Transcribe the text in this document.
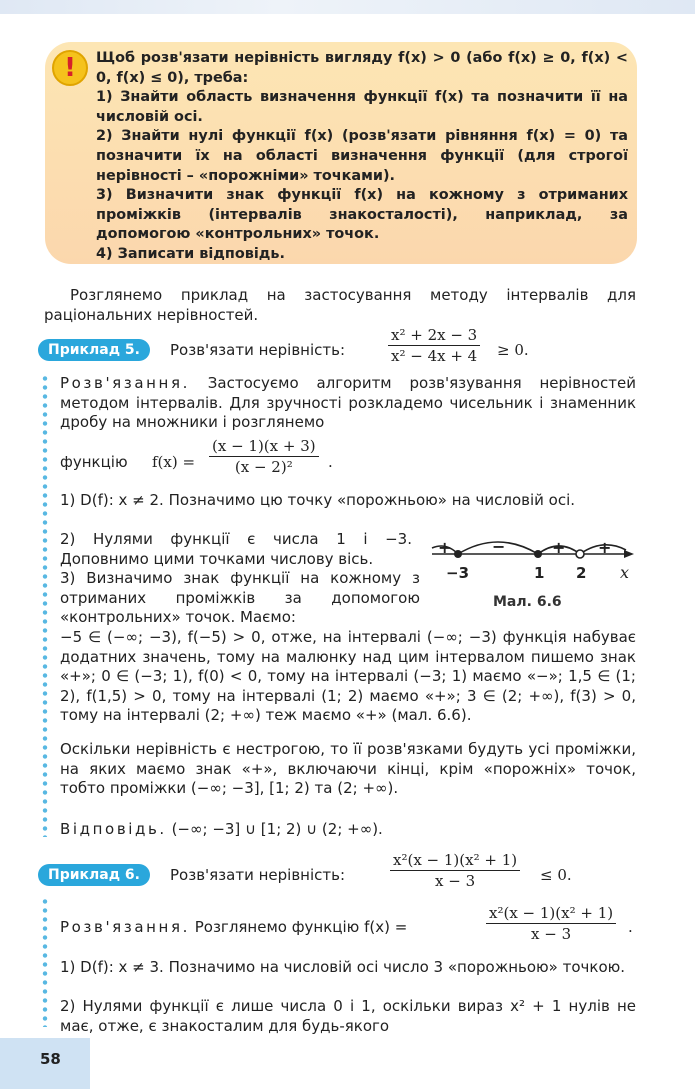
! Щоб розв'язати нерівність вигляду f(x) > 0 (або f(x) ≥ 0, f(x) < 0, f(x) ≤ 0), треба:

1) Знайти область визначення функції f(x) та позначити її на числовій осі.

2) Знайти нулі функції f(x) (розв'язати рівняння f(x) = 0) та позначити їх на області визначення функції (для строгої нерівності – «порожніми» точками).

3) Визначити знак функції f(x) на кожному з отриманих проміжків (інтервалів знакосталості), наприклад, за допомогою «контрольних» точок.

4) Записати відповідь.

Розглянемо приклад на застосування методу інтервалів для раціональних нерівностей.

Приклад 5.	Розв'язати нерівність:	$\frac{\text{x² + 2x − 3}}{\text{x² − 4x + 4}} \ge 0$.

Розв'язання. Застосуємо алгоритм розв'язування нерівностей методом інтервалів. Для зручності розкладемо чисельник і знаменник дробу на множники і розглянемо

функцію $f(x) = \frac{(x - 1)(x + 3)}{\text{(x − 2)²}}$ .

1) D(f): x ≠ 2. Позначимо цю точку «порожньою» на числовій осі.

2) Нулями функції є числа 1 і −3. Доповнимо цими точками числову вісь.

3) Визначимо знак функції на кожному з отриманих проміжків за допомогою «контрольних» точок. Маємо:

−5 ∈ (−∞; −3), f(−5) > 0, отже, на інтервалі (−∞; −3) функція набуває додатних значень, тому на малюнку над цим інтервалом пишемо знак «+»; 0 ∈ (−3; 1), f(0) < 0, тому на інтервалі (−3; 1) маємо «−»; 1,5 ∈ (1; 2), f(1,5) > 0, тому на інтервалі (1; 2) маємо «+»; 3 ∈ (2; +∞), f(3) > 0, тому на інтервалі (2; +∞) теж маємо «+» (мал. 6.6).

Оскільки нерівність є нестрогою, то її розв'язками будуть усі проміжки, на яких маємо знак «+», включаючи кінці, крім «порожніх» точок, тобто проміжки (−∞; −3], [1; 2) та (2; +∞).

Відповідь. (−∞; −3] ∪ [1; 2) ∪ (2; +∞).

+	−	+ +
−3	1 2 x
Мал. 6.6
Приклад 6.	Розв'язати нерівність:	$\frac{\text{x²(x − 1)(x² + 1)}}{x - 3} \le 0$.

Розв'язання. Розглянемо функцію f(x) =	$\frac{\text{x²(x − 1)(x² + 1)}}{x - 3}$ .

1) D(f): x ≠ 3. Позначимо на числовій осі число 3 «порожньою» точкою.

2) Нулями функції є лише числа 0 і 1, оскільки вираз x² + 1 нулів не має, отже, є знакосталим для будь-якого

58
